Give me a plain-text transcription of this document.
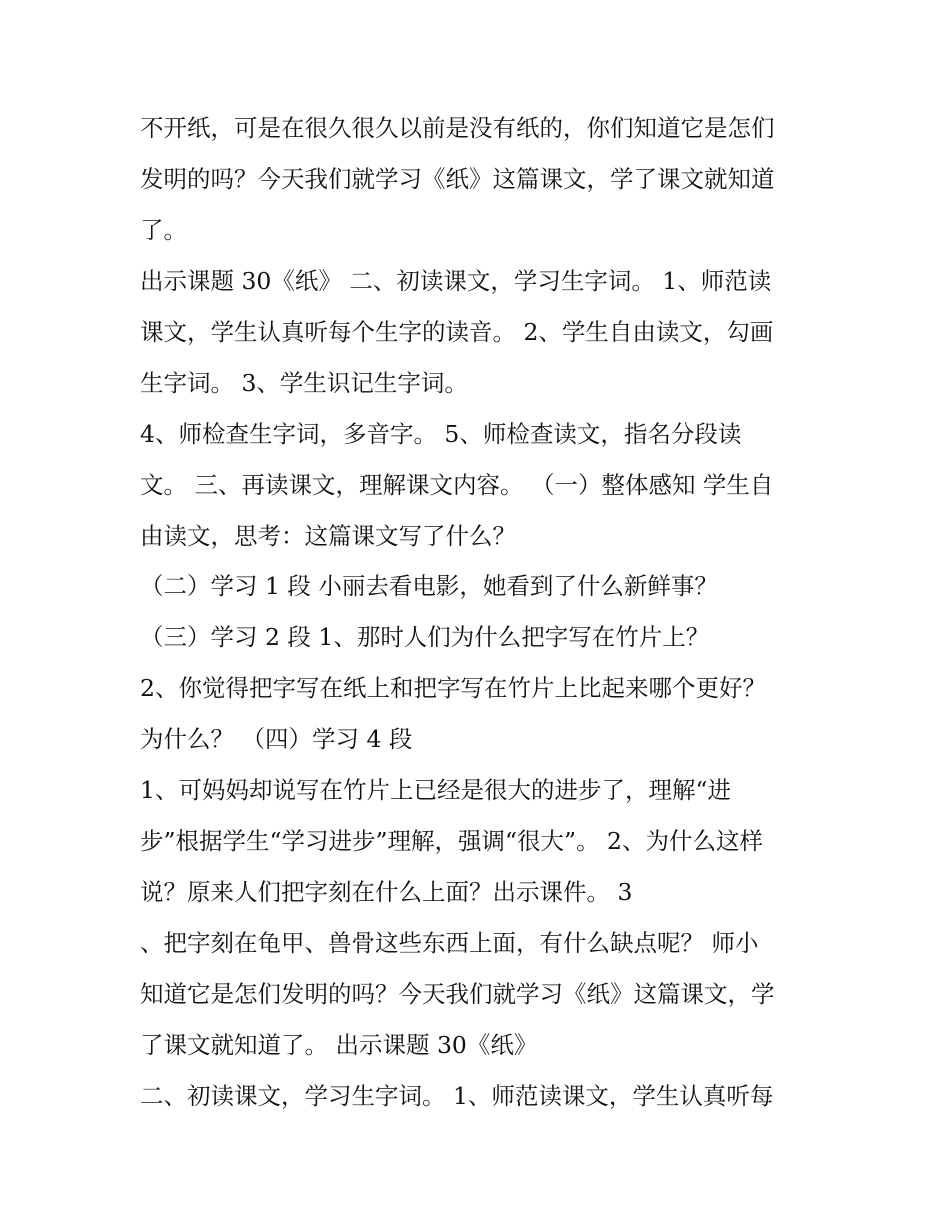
不开纸，可是在很久很久以前是没有纸的，你们知道它是怎们

发明的吗？今天我们就学习《纸》这篇课文，学了课文就知道

了。

出示课题 30《纸》 二、初读课文，学习生字词。 1、师范读

课文，学生认真听每个生字的读音。 2、学生自由读文，勾画

生字词。 3、学生识记生字词。

4、师检查生字词，多音字。 5、师检查读文，指名分段读

文。 三、再读课文，理解课文内容。 （一）整体感知 学生自

由读文，思考：这篇课文写了什么？

（二）学习 1 段 小丽去看电影，她看到了什么新鲜事？

（三）学习 2 段 1、那时人们为什么把字写在竹片上？

2、你觉得把字写在纸上和把字写在竹片上比起来哪个更好？

为什么？ （四）学习 4 段

1、可妈妈却说写在竹片上已经是很大的进步了，理解“进

步”根据学生“学习进步”理解，强调“很大”。 2、为什么这样

说？原来人们把字刻在什么上面？出示课件。 3

、把字刻在龟甲、兽骨这些东西上面，有什么缺点呢？ 师小

知道它是怎们发明的吗？今天我们就学习《纸》这篇课文，学

了课文就知道了。 出示课题 30《纸》

二、初读课文，学习生字词。 1、师范读课文，学生认真听每
